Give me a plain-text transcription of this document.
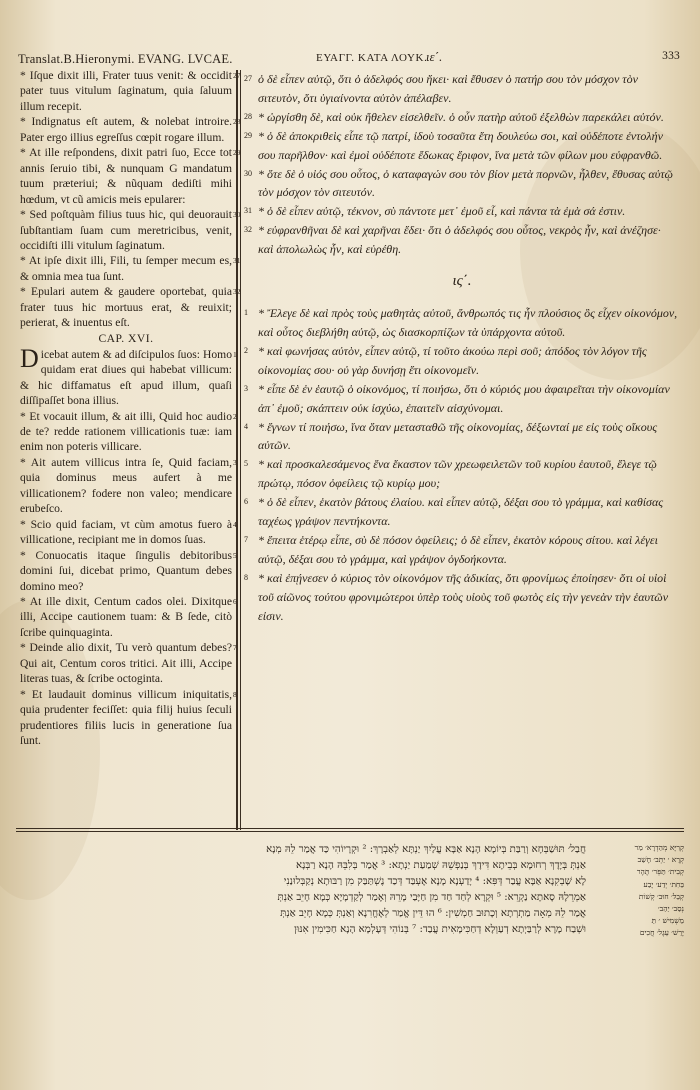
Translat.B.Hieronymi. EVANG. LVCAE.	ΕΥΑΓΓ. ΚΑΤΑ ΛΟΥΚ.
ιε΄.	333

* Iſque dixit illi, Frater tuus venit: & occidit pater tuus vitulum ſaginatum, quia ſaluum illum recepit.

27

* Indignatus eſt autem, & nolebat introire. Pater ergo illius egreſſus cœpit rogare illum.

28

* At ille reſpondens, dixit patri ſuo, Ecce tot annis ſeruio tibi, & nunquam G mandatum tuum præteriui; & nũquam dediſti mihi hœdum, vt cũ amicis meis epularer:

29

* Sed poſtquàm filius tuus hic, qui deuorauit ſubſtantiam ſuam cum meretricibus, venit, occidiſti illi vitulum ſaginatum.

30

* At ipſe dixit illi, Fili, tu ſemper mecum es, & omnia mea tua ſunt.

31

* Epulari autem & gaudere oportebat, quia frater tuus hic mortuus erat, & reuixit; perierat, & inuentus eſt.

32
CAP. XVI.
D icebat autem & ad diſcipulos ſuos: Homo quidam erat diues qui habebat villicum: & hic diffamatus eſt apud illum, quaſi diſſipaſſet bona illius.

1

* Et vocauit illum, & ait illi, Quid hoc audio de te? redde rationem villicationis tuæ: iam enim non poteris villicare.

2

* Ait autem villicus intra ſe, Quid faciam, quia dominus meus aufert à me villicationem? fodere non valeo; mendicare erubeſco.

3

* Scio quid faciam, vt cùm amotus fuero à villicatione, recipiant me in domos ſuas.

4

* Conuocatis itaque ſingulis debitoribus domini ſui, dicebat primo, Quantum debes domino meo?

5

* At ille dixit, Centum cados olei. Dixitque illi, Accipe cautionem tuam: & B ſede, citò ſcribe quinquaginta.

6

* Deinde alio dixit, Tu verò quantum debes? Qui ait, Centum coros tritici. Ait illi, Accipe literas tuas, & ſcribe octoginta.

7

* Et laudauit dominus villicum iniquitatis, quia prudenter feciſſet: quia filij huius ſeculi prudentiores filiis lucis in generatione ſua ſunt.

8
27 ὁ δὲ εἶπεν αὐτῷ, ὅτι ὁ ἀδελφός σου ἥκει· καὶ ἔθυσεν ὁ πατήρ σου τὸν μόσχον τὸν σιτευτὸν, ὅτι ὑγιαίνοντα αὐτὸν ἀπέλαβεν.

28 * ὠργίσθη δὲ, καὶ οὐκ ἤθελεν εἰσελθεῖν. ὁ οὖν πατὴρ αὐτοῦ ἐξελθὼν παρεκάλει αὐτόν.

29 * ὁ δὲ ἀποκριθεὶς εἶπε τῷ πατρί, ἰδοὺ τοσαῦτα ἔτη δουλεύω σοι, καὶ οὐδέποτε ἐντολήν σου παρῆλθον· καὶ ἐμοὶ οὐδέποτε ἔδωκας ἔριφον, ἵνα μετὰ τῶν φίλων μου εὐφρανθῶ.

30 * ὅτε δὲ ὁ υἱός σου οὗτος, ὁ καταφαγών σου τὸν βίον μετὰ πορνῶν, ἦλθεν, ἔθυσας αὐτῷ τὸν μόσχον τὸν σιτευτόν.

31 * ὁ δὲ εἶπεν αὐτῷ, τέκνον, σὺ πάντοτε μετ᾽ ἐμοῦ εἶ, καὶ πάντα τὰ ἐμὰ σά ἐστιν.

32 * εὐφρανθῆναι δὲ καὶ χαρῆναι ἔδει· ὅτι ὁ ἀδελφός σου οὗτος, νεκρὸς ἦν, καὶ ἀνέζησε· καὶ ἀπολωλὼς ἦν, καὶ εὑρέθη.

ις΄.
1 * Ἔλεγε δὲ καὶ πρὸς τοὺς μαθητὰς αὐτοῦ, ἄνθρωπός τις ἦν πλούσιος ὃς εἶχεν οἰκονόμον, καὶ οὗτος διεβλήθη αὐτῷ, ὡς διασκορπίζων τὰ ὑπάρχοντα αὐτοῦ.

2 * καὶ φωνήσας αὐτὸν, εἶπεν αὐτῷ, τί τοῦτο ἀκούω περὶ σοῦ; ἀπόδος τὸν λόγον τῆς οἰκονομίας σου· οὐ γὰρ δυνήσῃ ἔτι οἰκονομεῖν.

3 * εἶπε δὲ ἐν ἑαυτῷ ὁ οἰκονόμος, τί ποιήσω, ὅτι ὁ κύριός μου ἀφαιρεῖται τὴν οἰκονομίαν ἀπ᾽ ἐμοῦ; σκάπτειν οὐκ ἰσχύω, ἐπαιτεῖν αἰσχύνομαι.

4 * ἔγνων τί ποιήσω, ἵνα ὅταν μετασταθῶ τῆς οἰκονομίας, δέξωνταί με εἰς τοὺς οἴκους αὐτῶν.

5 * καὶ προσκαλεσάμενος ἕνα ἕκαστον τῶν χρεωφειλετῶν τοῦ κυρίου ἑαυτοῦ, ἔλεγε τῷ πρώτῳ, πόσον ὀφείλεις τῷ κυρίῳ μου;

6 * ὁ δὲ εἶπεν, ἑκατὸν βάτους ἐλαίου. καὶ εἶπεν αὐτῷ, δέξαι σου τὸ γράμμα, καὶ καθίσας ταχέως γράψον πεντήκοντα.

7 * ἔπειτα ἑτέρῳ εἶπε, σὺ δὲ πόσον ὀφείλεις; ὁ δὲ εἶπεν, ἑκατὸν κόρους σίτου. καὶ λέγει αὐτῷ, δέξαι σου τὸ γράμμα, καὶ γράψον ὀγδοήκοντα.

8 * καὶ ἐπῄνεσεν ὁ κύριος τὸν οἰκονόμον τῆς ἀδικίας, ὅτι φρονίμως ἐποίησεν· ὅτι οἱ υἱοὶ τοῦ αἰῶνος τούτου φρονιμώτεροι ὑπὲρ τοὺς υἱοὺς τοῦ φωτὸς εἰς τὴν γενεὰν τὴν ἑαυτῶν εἰσιν.

חֲבַל׳ תּוּשַׁבְּחָא וְרַבַּת בְּיוֹמָא הָנָא אַבָּא עֲלַיִךְ יַנְתָּא לְאַבְרָךְ: ² וּקְרָיוֹהִי כַּד אֲמַר לֵהּ מְנָא

אַנְתְּ בְּיָדָךְ רְחוּמָא בְּבֵיתָא דִּידָךְ בְּנַפְשֵׁהּ שְׁמַעַת יַנְתָא: ³ אֲמַר בְּלִבֵּהּ הָנָא רַבְּנָא

לָא שָׁבְקִנָא אַבָּא עֲבַר דְּפִּא: ⁴ יָדַעְנָא מָנָא אֶעְבַּד דְּכַד נֶשְׁתַּבַּק מִן רַבּוּתָא נְקַבְּלוּנַנִי

אַמְרֵלָהּ סָאתָא נַקְרֵא: ⁵ וּקְרָא לְחַד חַד מִן חַיָּבַי מָרֵהּ וְאֶמַר לְקַדְמָיָא כְּמָא חָיֵב אַנְתְּ

אֲמַר לֵהּ מְאָה מַתְרְתָא וְכָתוּב חַמְשִׁין: ⁶ הוּ דֵּין אֱמַר לְאֶחֱרִנָא וְאַנְתְּ כְּמָא חָיֵב אַנְתְּ

וּשְׁבַח מָרָא לְרַבַּיְתָא דְעַוְלָא דְחַכִּימָאִית עֲבַד: ⁷ בְּנוֹהִי דְּעָלְמָא הָנָא חַכִּימִין אִנּוּן

קְרִיָּא מְהַדְרָא׳ מַר

קְרָא ׳ יַתְּב׳ חָשַׁב

קְבִית׳ תַּפְּר׳ תֶּהֶר

בַּחִת׳ יְדַע׳ יָבַע

קְבַל׳ חוּב׳ קְשׁוֹת

נְסַב׳ יַהַב׳

מַשְׁמִישׁ ׳ תַּ

יָרַשׁ׳ עֵגֶל׳ חֲכִים
